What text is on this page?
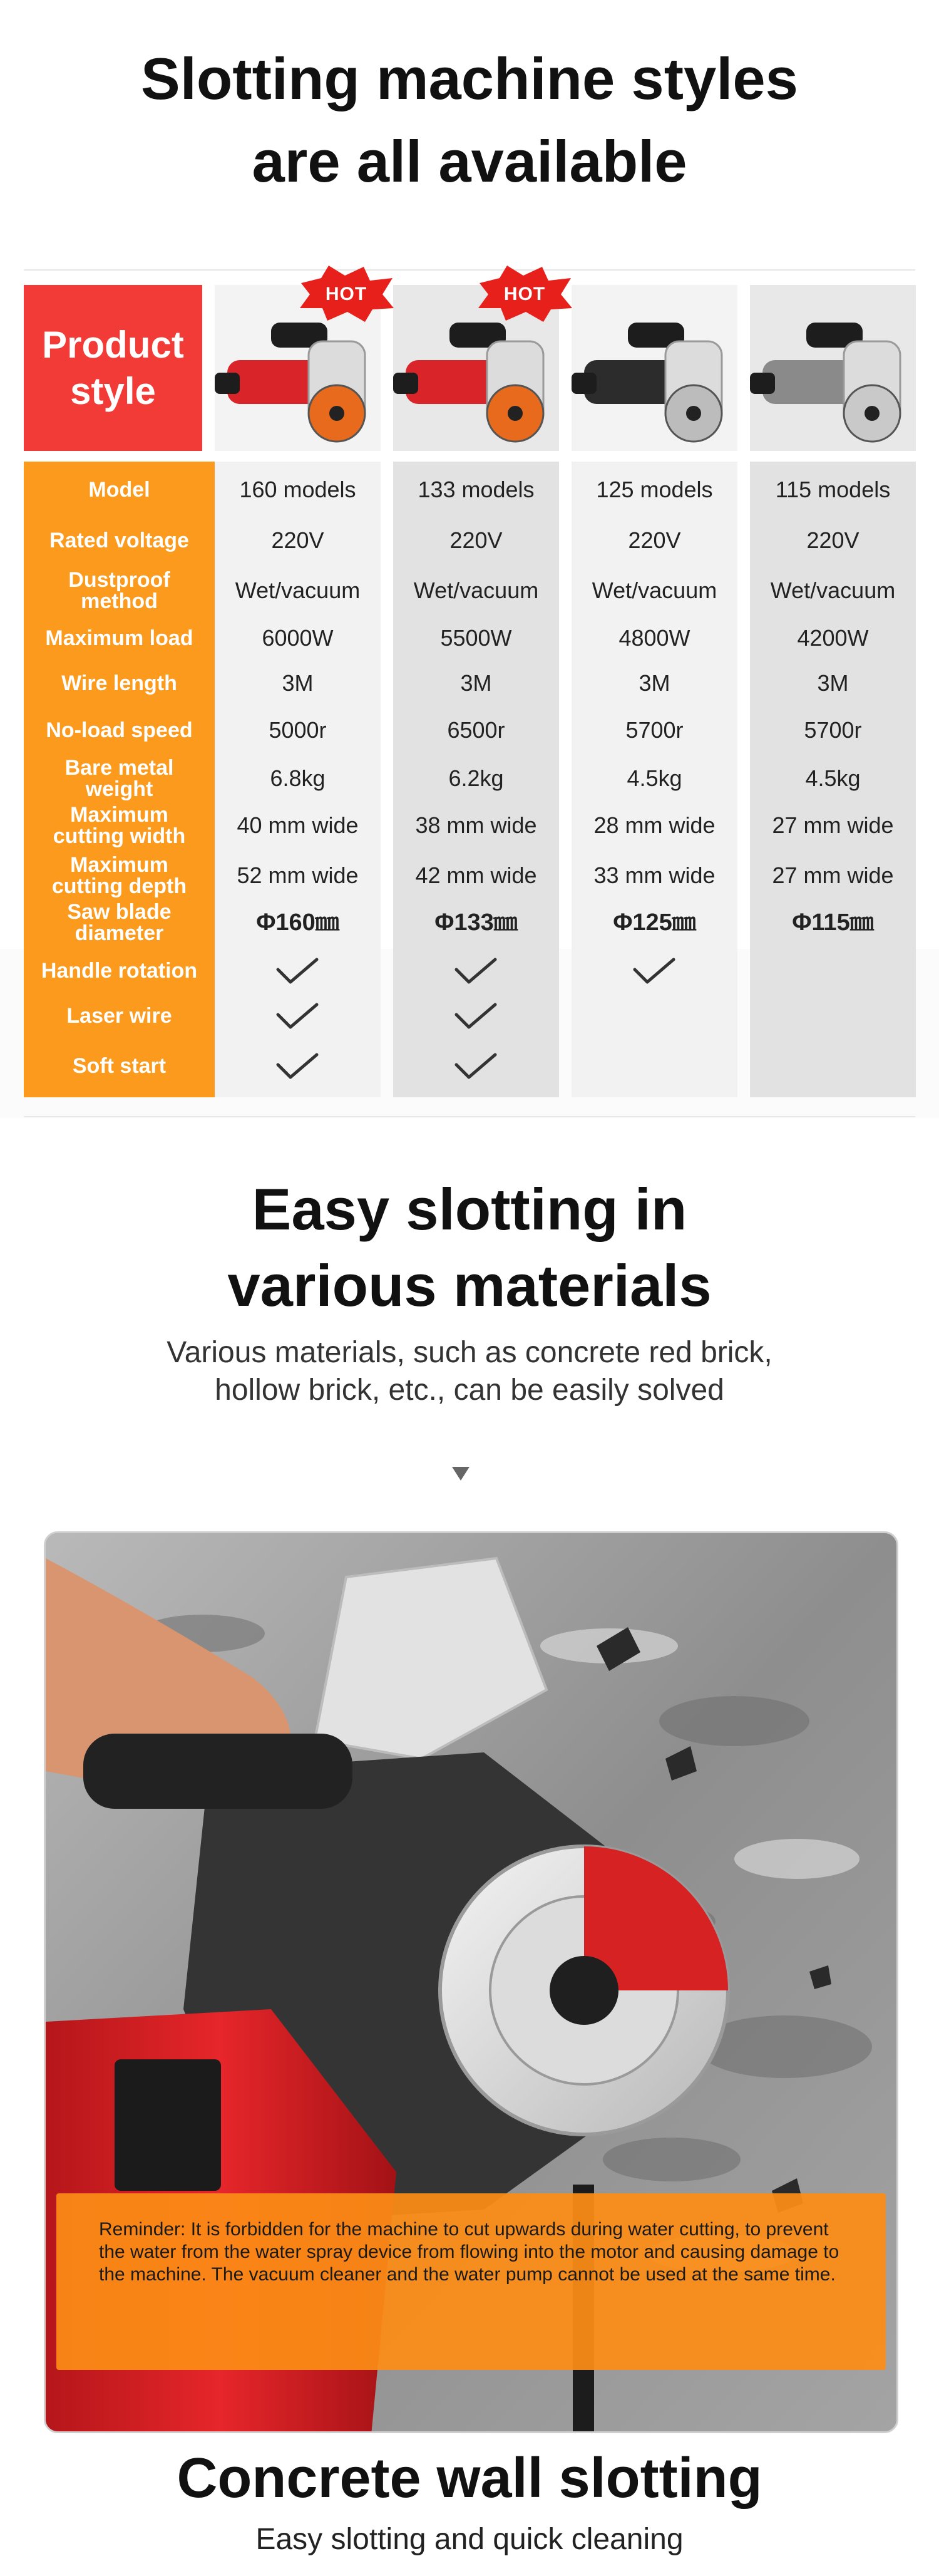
Slotting machine styles
are all available
Product
style
HOT	HOT
Model
Rated voltage
Dustproof
method
Maximum load
Wire length
No-load speed
Bare metal
weight
Maximum
cutting width
Maximum
cutting depth
Saw blade
diameter
Handle rotation
Laser wire
Soft start
160 models
220V
Wet/vacuum
6000W
3M
5000r
6.8kg
40 mm wide
52 mm wide
Φ160㎜
133 models
220V
Wet/vacuum
5500W
3M
6500r
6.2kg
38 mm wide
42 mm wide
Φ133㎜
125 models
220V
Wet/vacuum
4800W
3M
5700r
4.5kg
28 mm wide
33 mm wide
Φ125㎜
115 models
220V
Wet/vacuum
4200W
3M
5700r
4.5kg
27 mm wide
27 mm wide
Φ115㎜
Easy slotting in
various materials
Various materials, such as concrete red brick,
hollow brick, etc., can be easily solved
Reminder: It is forbidden for the machine to cut upwards during water cutting, to prevent the water from the water spray device from flowing into the motor and causing damage to the machine. The vacuum cleaner and the water pump cannot be used at the same time.
Concrete wall slotting
Easy slotting and quick cleaning
